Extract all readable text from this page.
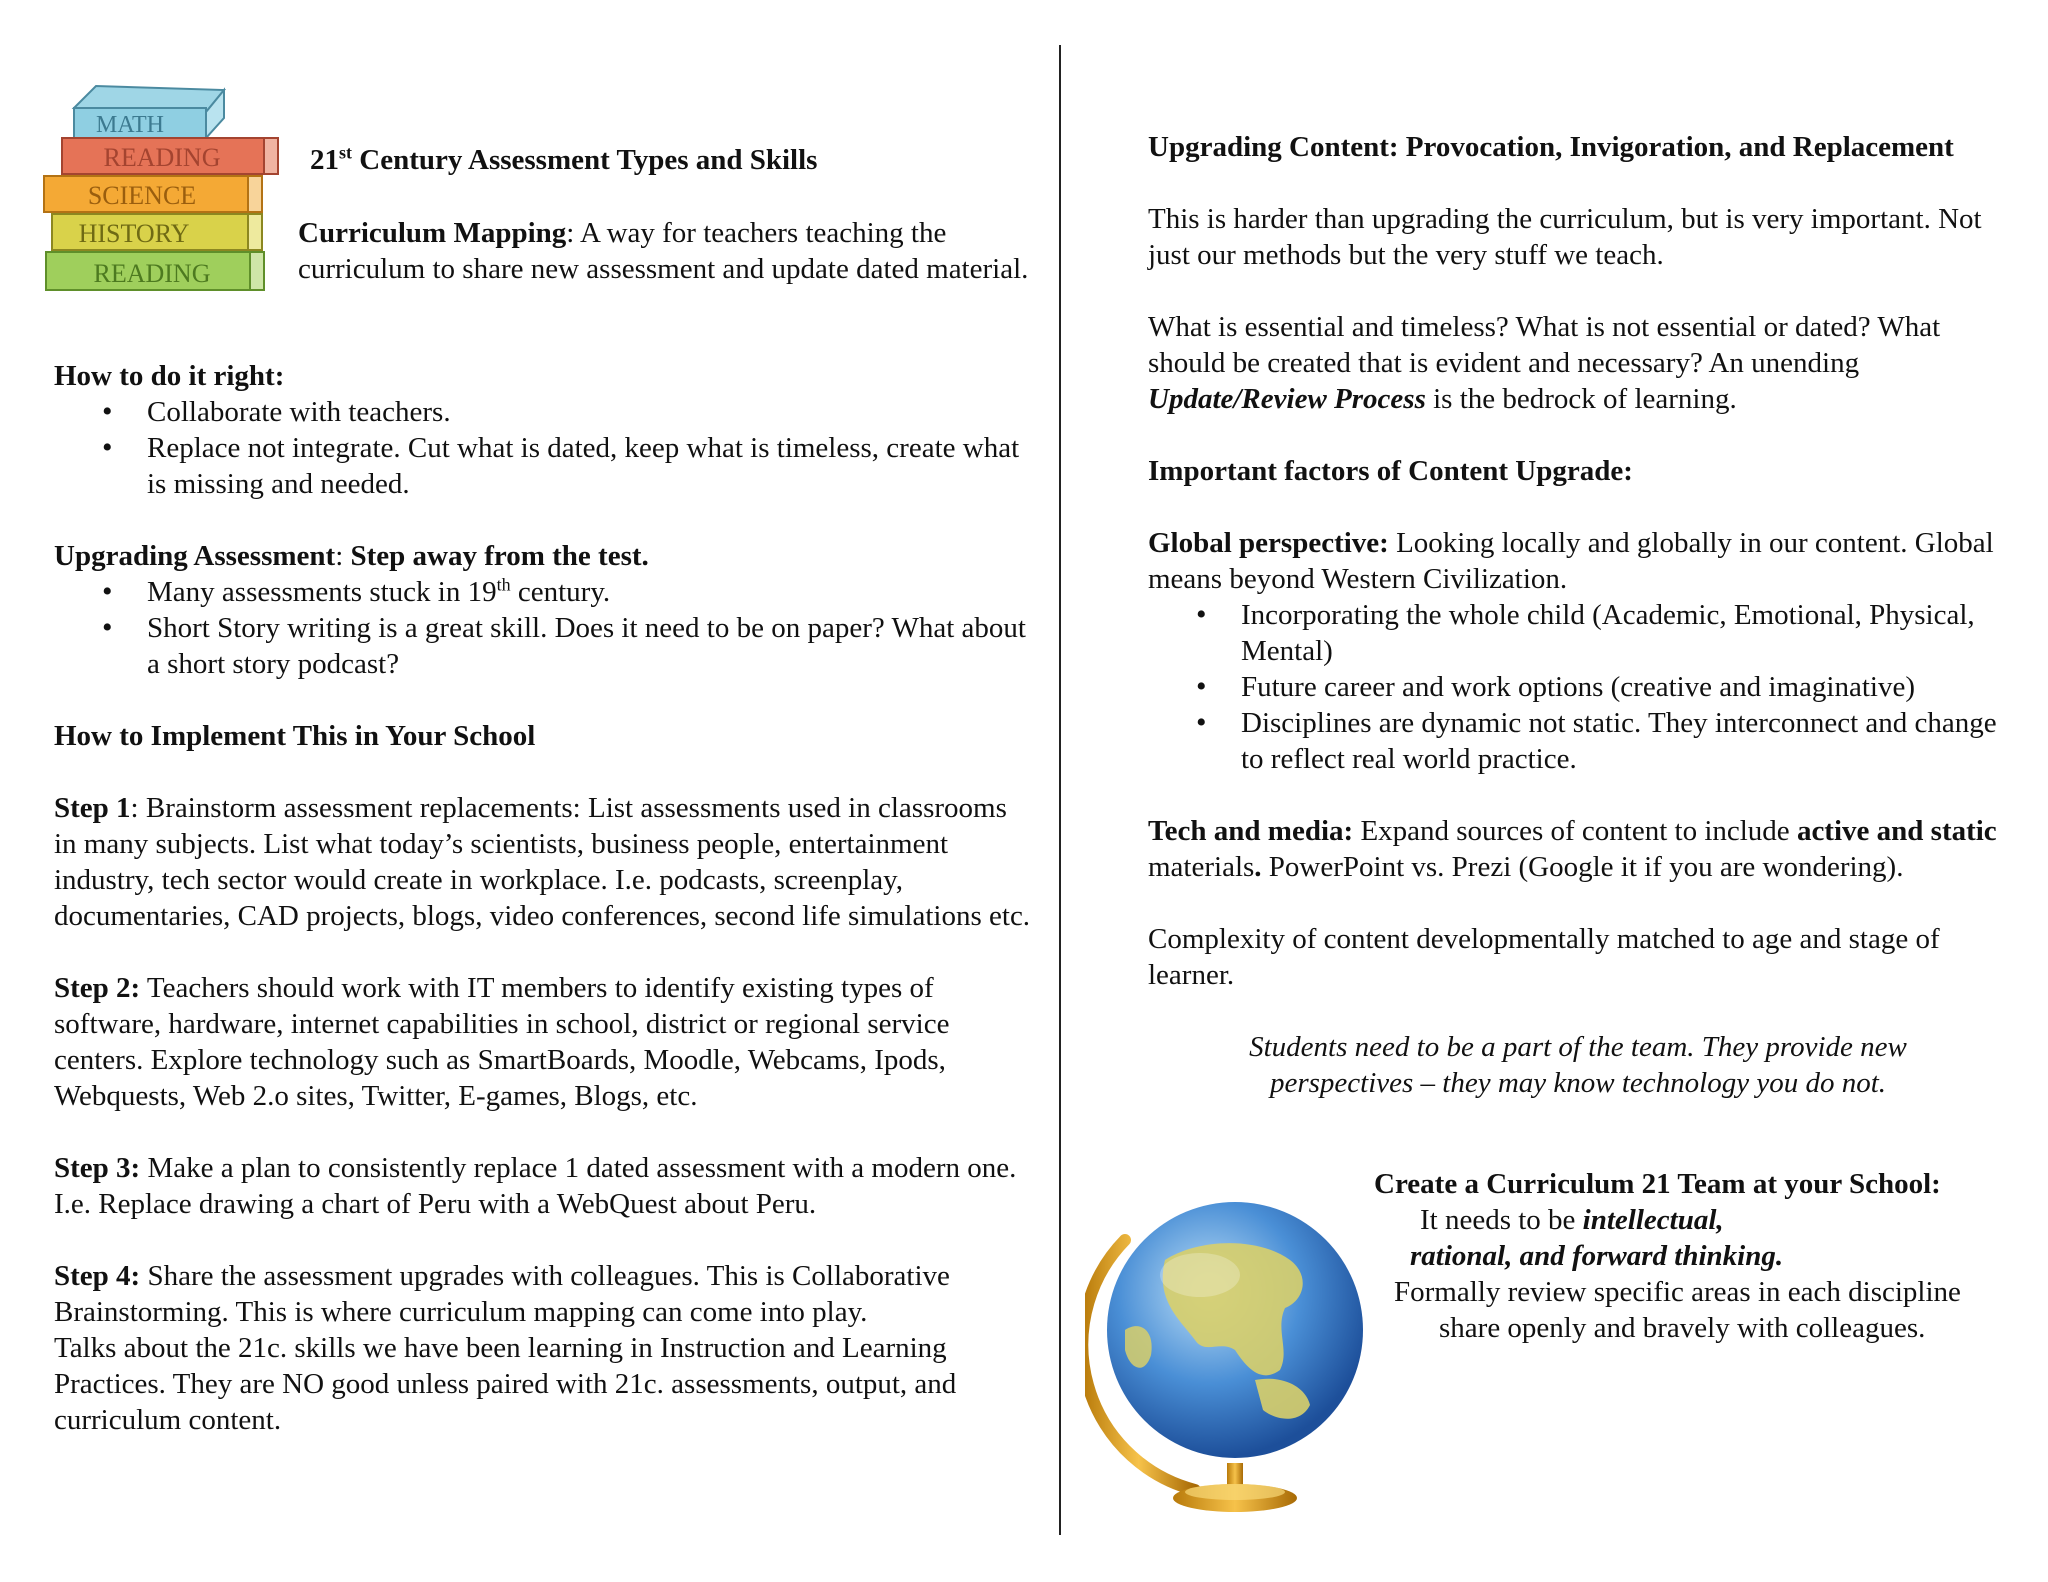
MATH
READING
SCIENCE
HISTORY
READING
21st Century Assessment Types and Skills

Curriculum Mapping: A way for teachers teaching the curriculum to share new assessment and update dated material.

How to do it right:

• Collaborate with teachers.
• Replace not integrate. Cut what is dated, keep what is timeless, create what is missing and needed.

Upgrading Assessment: Step away from the test.

• Many assessments stuck in 19th century.
• Short Story writing is a great skill. Does it need to be on paper? What about a short story podcast?

How to Implement This in Your School

Step 1: Brainstorm assessment replacements: List assessments used in classrooms in many subjects. List what today’s scientists, business people, entertainment industry, tech sector would create in workplace. I.e. podcasts, screenplay, documentaries, CAD projects, blogs, video conferences, second life simulations etc.

Step 2: Teachers should work with IT members to identify existing types of software, hardware, internet capabilities in school, district or regional service centers. Explore technology such as SmartBoards, Moodle, Webcams, Ipods, Webquests, Web 2.o sites, Twitter, E-games, Blogs, etc.

Step 3: Make a plan to consistently replace 1 dated assessment with a modern one. I.e. Replace drawing a chart of Peru with a WebQuest about Peru.

Step 4: Share the assessment upgrades with colleagues. This is Collaborative Brainstorming. This is where curriculum mapping can come into play.

Talks about the 21c. skills we have been learning in Instruction and Learning Practices. They are NO good unless paired with 21c. assessments, output, and curriculum content.

Upgrading Content: Provocation, Invigoration, and Replacement

This is harder than upgrading the curriculum, but is very important. Not just our methods but the very stuff we teach.

What is essential and timeless? What is not essential or dated? What should be created that is evident and necessary? An unending Update/Review Process is the bedrock of learning.

Important factors of Content Upgrade:

Global perspective: Looking locally and globally in our content. Global means beyond Western Civilization.

• Incorporating the whole child (Academic, Emotional, Physical, Mental)
• Future career and work options (creative and imaginative)
• Disciplines are dynamic not static. They interconnect and change to reflect real world practice.

Tech and media: Expand sources of content to include active and static materials. PowerPoint vs. Prezi (Google it if you are wondering).

Complexity of content developmentally matched to age and stage of learner.

Students need to be a part of the team. They provide new

perspectives – they may know technology you do not.

Create a Curriculum 21 Team at your School:

It needs to be intellectual,

rational, and forward thinking.

Formally review specific areas in each discipline

share openly and bravely with colleagues.
